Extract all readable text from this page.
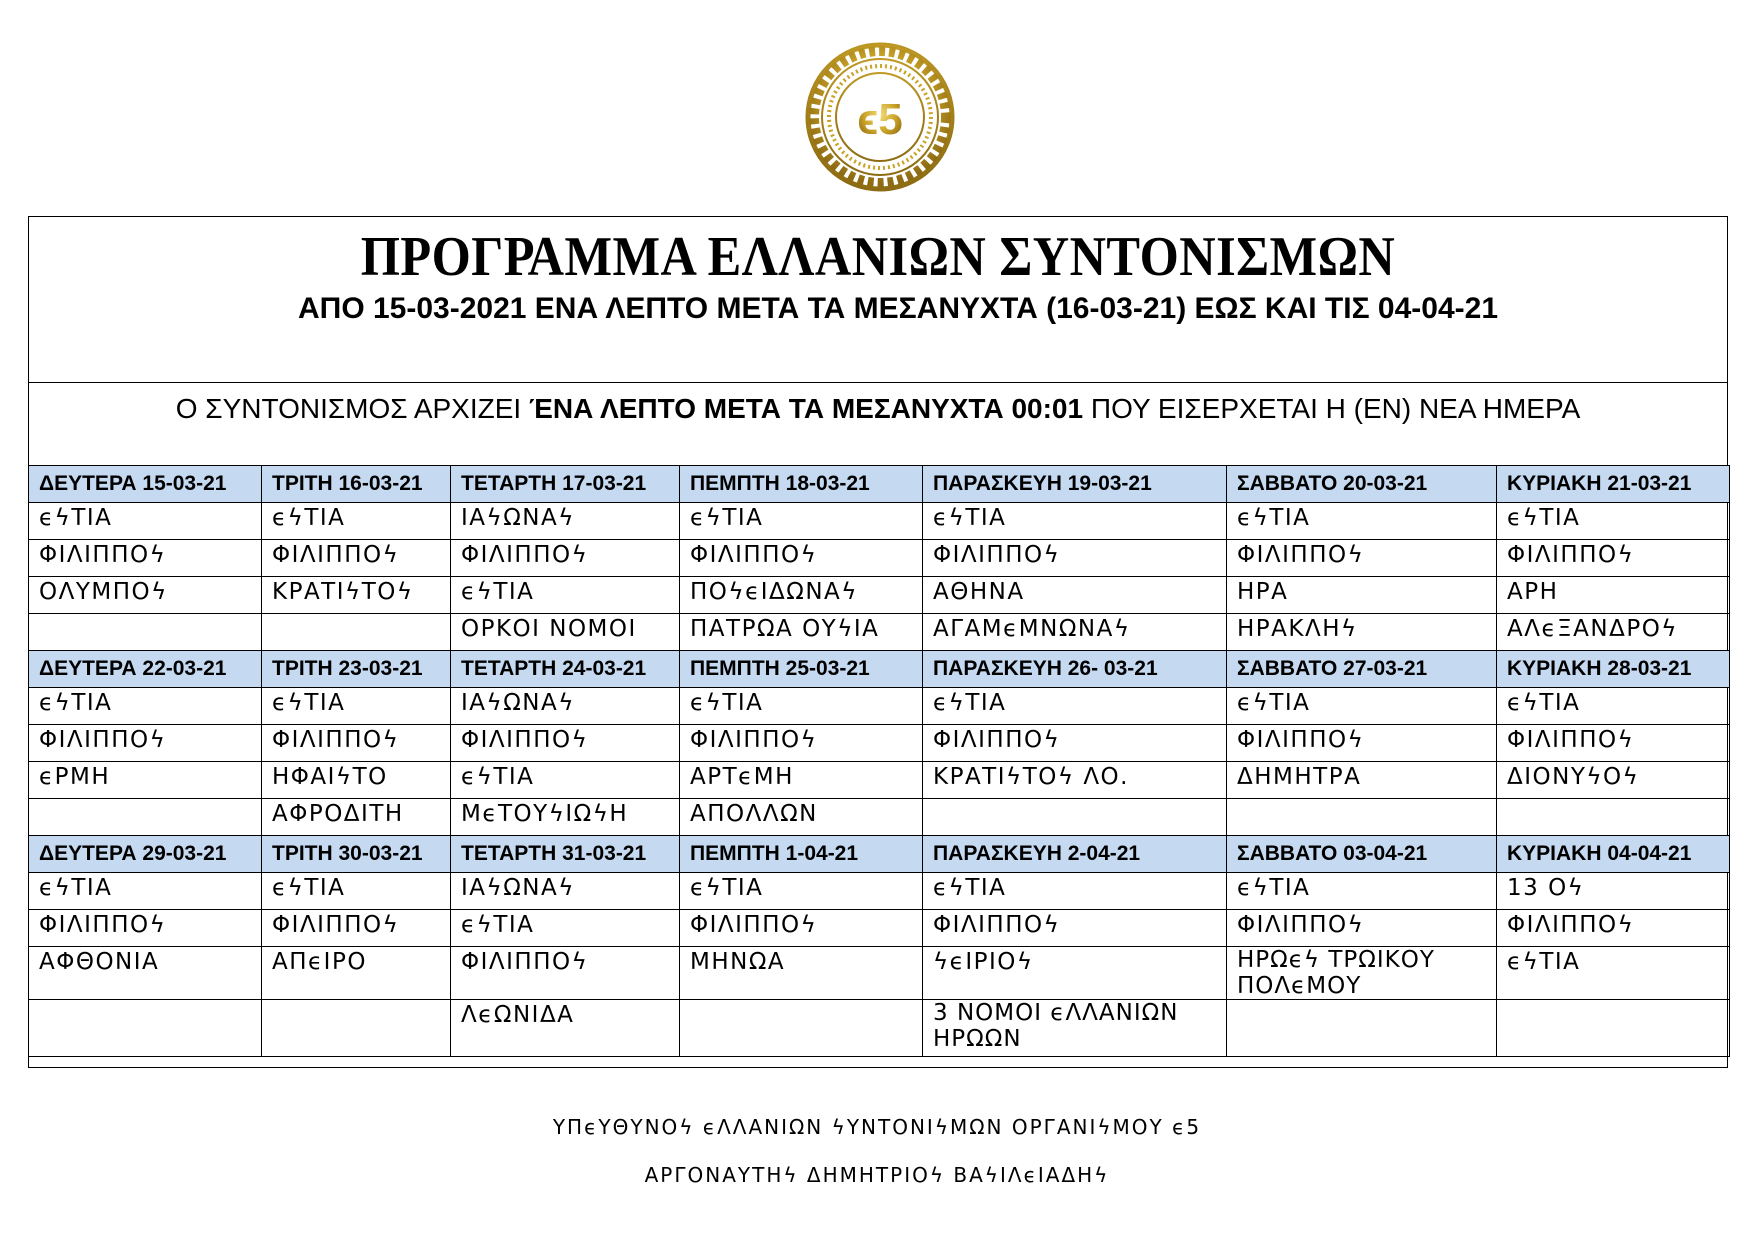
ϵ5
ΠΡΟΓΡΑΜΜΑ ΕΛΛΑΝΙΩΝ ΣΥΝΤΟΝΙΣΜΩΝ
ΑΠΟ 15-03-2021 ΕΝΑ ΛΕΠΤΟ ΜΕΤΑ ΤΑ ΜΕΣΑΝΥΧΤΑ (16-03-21) ΕΩΣ ΚΑΙ ΤΙΣ 04-04-21
Ο ΣΥΝΤΟΝΙΣΜΟΣ ΑΡΧΙΖΕΙ ΈΝΑ ΛΕΠΤΟ ΜΕΤΑ ΤΑ ΜΕΣΑΝΥΧΤΑ 00:01 ΠΟΥ ΕΙΣΕΡΧΕΤΑΙ Η (ΕΝ) ΝΕΑ ΗΜΕΡΑ
ΔΕΥΤΕΡΑ 15-03-21	ΤΡΙΤΗ 16-03-21	ΤΕΤΑΡΤΗ 17-03-21	ΠΕΜΠΤΗ 18-03-21	ΠΑΡΑΣΚΕΥΗ 19-03-21	ΣΑΒΒΑΤΟ 20-03-21	ΚΥΡΙΑΚΗ 21-03-21
ϵϟΤΙΑ	ϵϟΤΙΑ	ΙΑϟΩΝΑϟ	ϵϟΤΙΑ	ϵϟΤΙΑ	ϵϟΤΙΑ	ϵϟΤΙΑ
ΦΙΛΙΠΠΟϟ	ΦΙΛΙΠΠΟϟ	ΦΙΛΙΠΠΟϟ	ΦΙΛΙΠΠΟϟ	ΦΙΛΙΠΠΟϟ	ΦΙΛΙΠΠΟϟ	ΦΙΛΙΠΠΟϟ
ΟΛΥΜΠΟϟ	ΚΡΑΤΙϟΤΟϟ	ϵϟΤΙΑ	ΠΟϟϵΙΔΩΝΑϟ	ΑΘΗΝΑ	ΗΡΑ	ΑΡΗ
		ΟΡΚΟΙ ΝΟΜΟΙ	ΠΑΤΡΩΑ ΟΥϟΙΑ	ΑΓΑΜϵΜΝΩΝΑϟ	ΗΡΑΚΛΗϟ	ΑΛϵΞΑΝΔΡΟϟ
ΔΕΥΤΕΡΑ 22-03-21	ΤΡΙΤΗ 23-03-21	ΤΕΤΑΡΤΗ 24-03-21	ΠΕΜΠΤΗ 25-03-21	ΠΑΡΑΣΚΕΥΗ 26- 03-21	ΣΑΒΒΑΤΟ 27-03-21	ΚΥΡΙΑΚΗ 28-03-21
ϵϟΤΙΑ	ϵϟΤΙΑ	ΙΑϟΩΝΑϟ	ϵϟΤΙΑ	ϵϟΤΙΑ	ϵϟΤΙΑ	ϵϟΤΙΑ
ΦΙΛΙΠΠΟϟ	ΦΙΛΙΠΠΟϟ	ΦΙΛΙΠΠΟϟ	ΦΙΛΙΠΠΟϟ	ΦΙΛΙΠΠΟϟ	ΦΙΛΙΠΠΟϟ	ΦΙΛΙΠΠΟϟ
ϵΡΜΗ	ΗΦΑΙϟΤΟ	ϵϟΤΙΑ	ΑΡΤϵΜΗ	ΚΡΑΤΙϟΤΟϟ ΛΟ.	ΔΗΜΗΤΡΑ	ΔΙΟΝΥϟΟϟ
	ΑΦΡΟΔΙΤΗ	ΜϵΤΟΥϟΙΩϟΗ	ΑΠΟΛΛΩΝ			
ΔΕΥΤΕΡΑ 29-03-21	ΤΡΙΤΗ 30-03-21	ΤΕΤΑΡΤΗ 31-03-21	ΠΕΜΠΤΗ 1-04-21	ΠΑΡΑΣΚΕΥΗ 2-04-21	ΣΑΒΒΑΤΟ 03-04-21	ΚΥΡΙΑΚΗ 04-04-21
ϵϟΤΙΑ	ϵϟΤΙΑ	ΙΑϟΩΝΑϟ	ϵϟΤΙΑ	ϵϟΤΙΑ	ϵϟΤΙΑ	13 Οϟ
ΦΙΛΙΠΠΟϟ	ΦΙΛΙΠΠΟϟ	ϵϟΤΙΑ	ΦΙΛΙΠΠΟϟ	ΦΙΛΙΠΠΟϟ	ΦΙΛΙΠΠΟϟ	ΦΙΛΙΠΠΟϟ
ΑΦΘΟΝΙΑ	ΑΠϵΙΡΟ	ΦΙΛΙΠΠΟϟ	ΜΗΝΩΑ	ϟϵΙΡΙΟϟ	ΗΡΩϵϟ ΤΡΩΙΚΟΥ ΠΟΛϵΜΟΥ	ϵϟΤΙΑ
		ΛϵΩΝΙΔΑ		3 ΝΟΜΟΙ ϵΛΛΑΝΙΩΝ ΗΡΩΩΝ		
ΥΠϵΥΘΥΝΟϟ ϵΛΛΑΝΙΩΝ ϟΥΝΤΟΝΙϟΜΩΝ ΟΡΓΑΝΙϟΜΟΥ ϵ5
ΑΡΓΟΝΑΥΤΗϟ ΔΗΜΗΤΡΙΟϟ ΒΑϟΙΛϵΙΑΔΗϟ
